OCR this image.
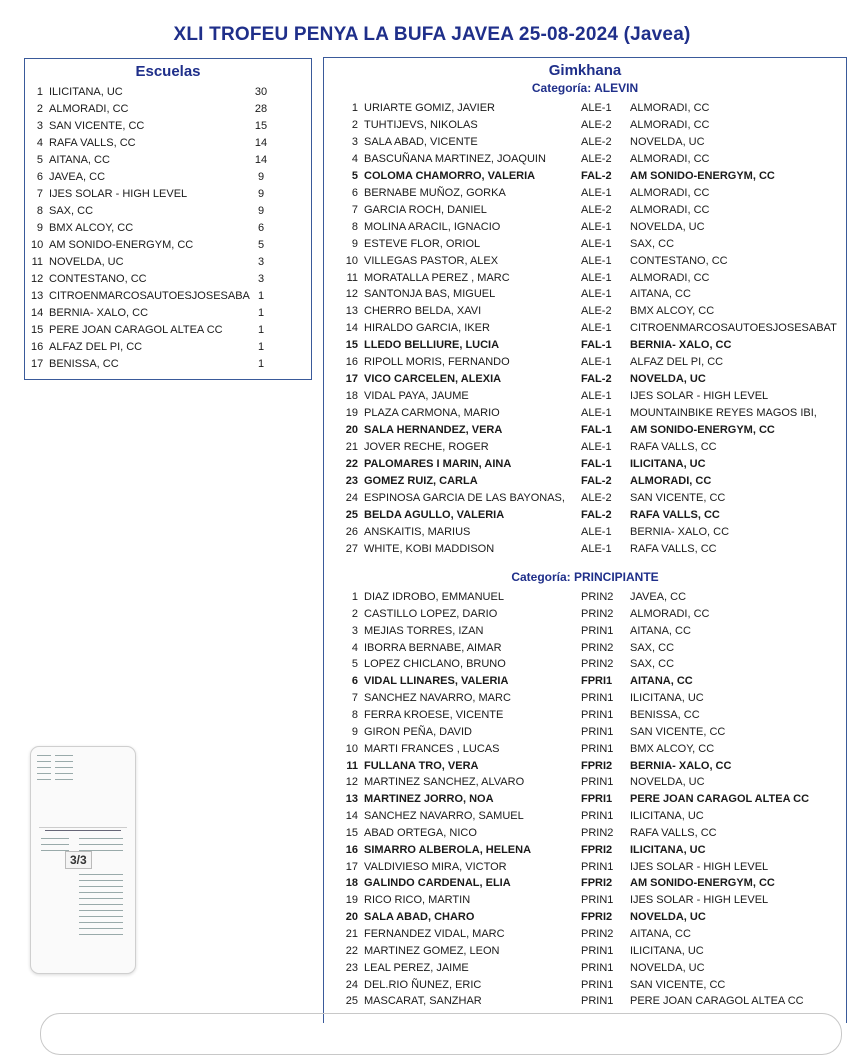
XLI TROFEU PENYA LA BUFA JAVEA 25-08-2024 (Javea)
Escuelas
1 ILICITANA, UC	30
2 ALMORADI, CC	28
3 SAN VICENTE, CC	15
4 RAFA VALLS, CC	14
5 AITANA, CC	14
6 JAVEA, CC	9
7 IJES SOLAR - HIGH LEVEL	9
8 SAX, CC	9
9 BMX ALCOY, CC	6
10 AM SONIDO-ENERGYM, CC	5
11 NOVELDA, UC	3
12 CONTESTANO, CC	3
13 CITROENMARCOSAUTOESJOSESABA 1
14 BERNIA- XALO, CC	1
15 PERE JOAN CARAGOL ALTEA CC	1
16 ALFAZ DEL PI, CC	1
17 BENISSA, CC	1
Gimkhana
Categoría: ALEVIN
1 URIARTE GOMIZ, JAVIER	ALE-1 ALMORADI, CC
2 TUHTIJEVS, NIKOLAS	ALE-2 ALMORADI, CC
3 SALA ABAD, VICENTE	ALE-2 NOVELDA, UC
4 BASCUÑANA MARTINEZ, JOAQUIN	ALE-2 ALMORADI, CC
5 COLOMA CHAMORRO, VALERIA	FAL-2 AM SONIDO-ENERGYM, CC
6 BERNABE MUÑOZ, GORKA	ALE-1 ALMORADI, CC
7 GARCIA ROCH, DANIEL	ALE-2 ALMORADI, CC
8 MOLINA ARACIL, IGNACIO	ALE-1 NOVELDA, UC
9 ESTEVE FLOR, ORIOL	ALE-1 SAX, CC
10 VILLEGAS PASTOR, ALEX	ALE-1 CONTESTANO, CC
11 MORATALLA PEREZ , MARC	ALE-1 ALMORADI, CC
12 SANTONJA BAS, MIGUEL	ALE-1 AITANA, CC
13 CHERRO BELDA, XAVI	ALE-2 BMX ALCOY, CC
14 HIRALDO GARCIA, IKER	ALE-1 CITROENMARCOSAUTOESJOSESABAT
15 LLEDO BELLIURE, LUCIA	FAL-1 BERNIA- XALO, CC
16 RIPOLL MORIS, FERNANDO	ALE-1 ALFAZ DEL PI, CC
17 VICO CARCELEN, ALEXIA	FAL-2 NOVELDA, UC
18 VIDAL PAYA, JAUME	ALE-1 IJES SOLAR - HIGH LEVEL
19 PLAZA CARMONA, MARIO	ALE-1 MOUNTAINBIKE REYES MAGOS IBI,
20 SALA HERNANDEZ, VERA	FAL-1 AM SONIDO-ENERGYM, CC
21 JOVER RECHE, ROGER	ALE-1 RAFA VALLS, CC
22 PALOMARES I MARIN, AINA	FAL-1 ILICITANA, UC
23 GOMEZ RUIZ, CARLA	FAL-2 ALMORADI, CC
24 ESPINOSA GARCIA DE LAS BAYONAS, ALE-2 SAN VICENTE, CC
25 BELDA AGULLO, VALERIA	FAL-2 RAFA VALLS, CC
26 ANSKAITIS, MARIUS	ALE-1 BERNIA- XALO, CC
27 WHITE, KOBI MADDISON	ALE-1 RAFA VALLS, CC
Categoría: PRINCIPIANTE
1 DIAZ IDROBO, EMMANUEL	PRIN2 JAVEA, CC
2 CASTILLO LOPEZ, DARIO	PRIN2 ALMORADI, CC
3 MEJIAS TORRES, IZAN	PRIN1 AITANA, CC
4 IBORRA BERNABE, AIMAR	PRIN2 SAX, CC
5 LOPEZ CHICLANO, BRUNO	PRIN2 SAX, CC
6 VIDAL LLINARES, VALERIA	FPRI1 AITANA, CC
7 SANCHEZ NAVARRO, MARC	PRIN1 ILICITANA, UC
8 FERRA KROESE, VICENTE	PRIN1 BENISSA, CC
9 GIRON PEÑA, DAVID	PRIN1 SAN VICENTE, CC
10 MARTI FRANCES , LUCAS	PRIN1 BMX ALCOY, CC
11 FULLANA TRO, VERA	FPRI2 BERNIA- XALO, CC
12 MARTINEZ SANCHEZ, ALVARO	PRIN1 NOVELDA, UC
13 MARTINEZ JORRO, NOA	FPRI1 PERE JOAN CARAGOL ALTEA CC
14 SANCHEZ NAVARRO, SAMUEL	PRIN1 ILICITANA, UC
15 ABAD ORTEGA, NICO	PRIN2 RAFA VALLS, CC
16 SIMARRO ALBEROLA, HELENA	FPRI2 ILICITANA, UC
17 VALDIVIESO MIRA, VICTOR	PRIN1 IJES SOLAR - HIGH LEVEL
18 GALINDO CARDENAL, ELIA	FPRI2 AM SONIDO-ENERGYM, CC
19 RICO RICO, MARTIN	PRIN1 IJES SOLAR - HIGH LEVEL
20 SALA ABAD, CHARO	FPRI2 NOVELDA, UC
21 FERNANDEZ VIDAL, MARC	PRIN2 AITANA, CC
22 MARTINEZ GOMEZ, LEON	PRIN1 ILICITANA, UC
23 LEAL PEREZ, JAIME	PRIN1 NOVELDA, UC
24 DEL.RIO ÑUNEZ, ERIC	PRIN1 SAN VICENTE, CC
25 MASCARAT, SANZHAR	PRIN1 PERE JOAN CARAGOL ALTEA CC
3/3
